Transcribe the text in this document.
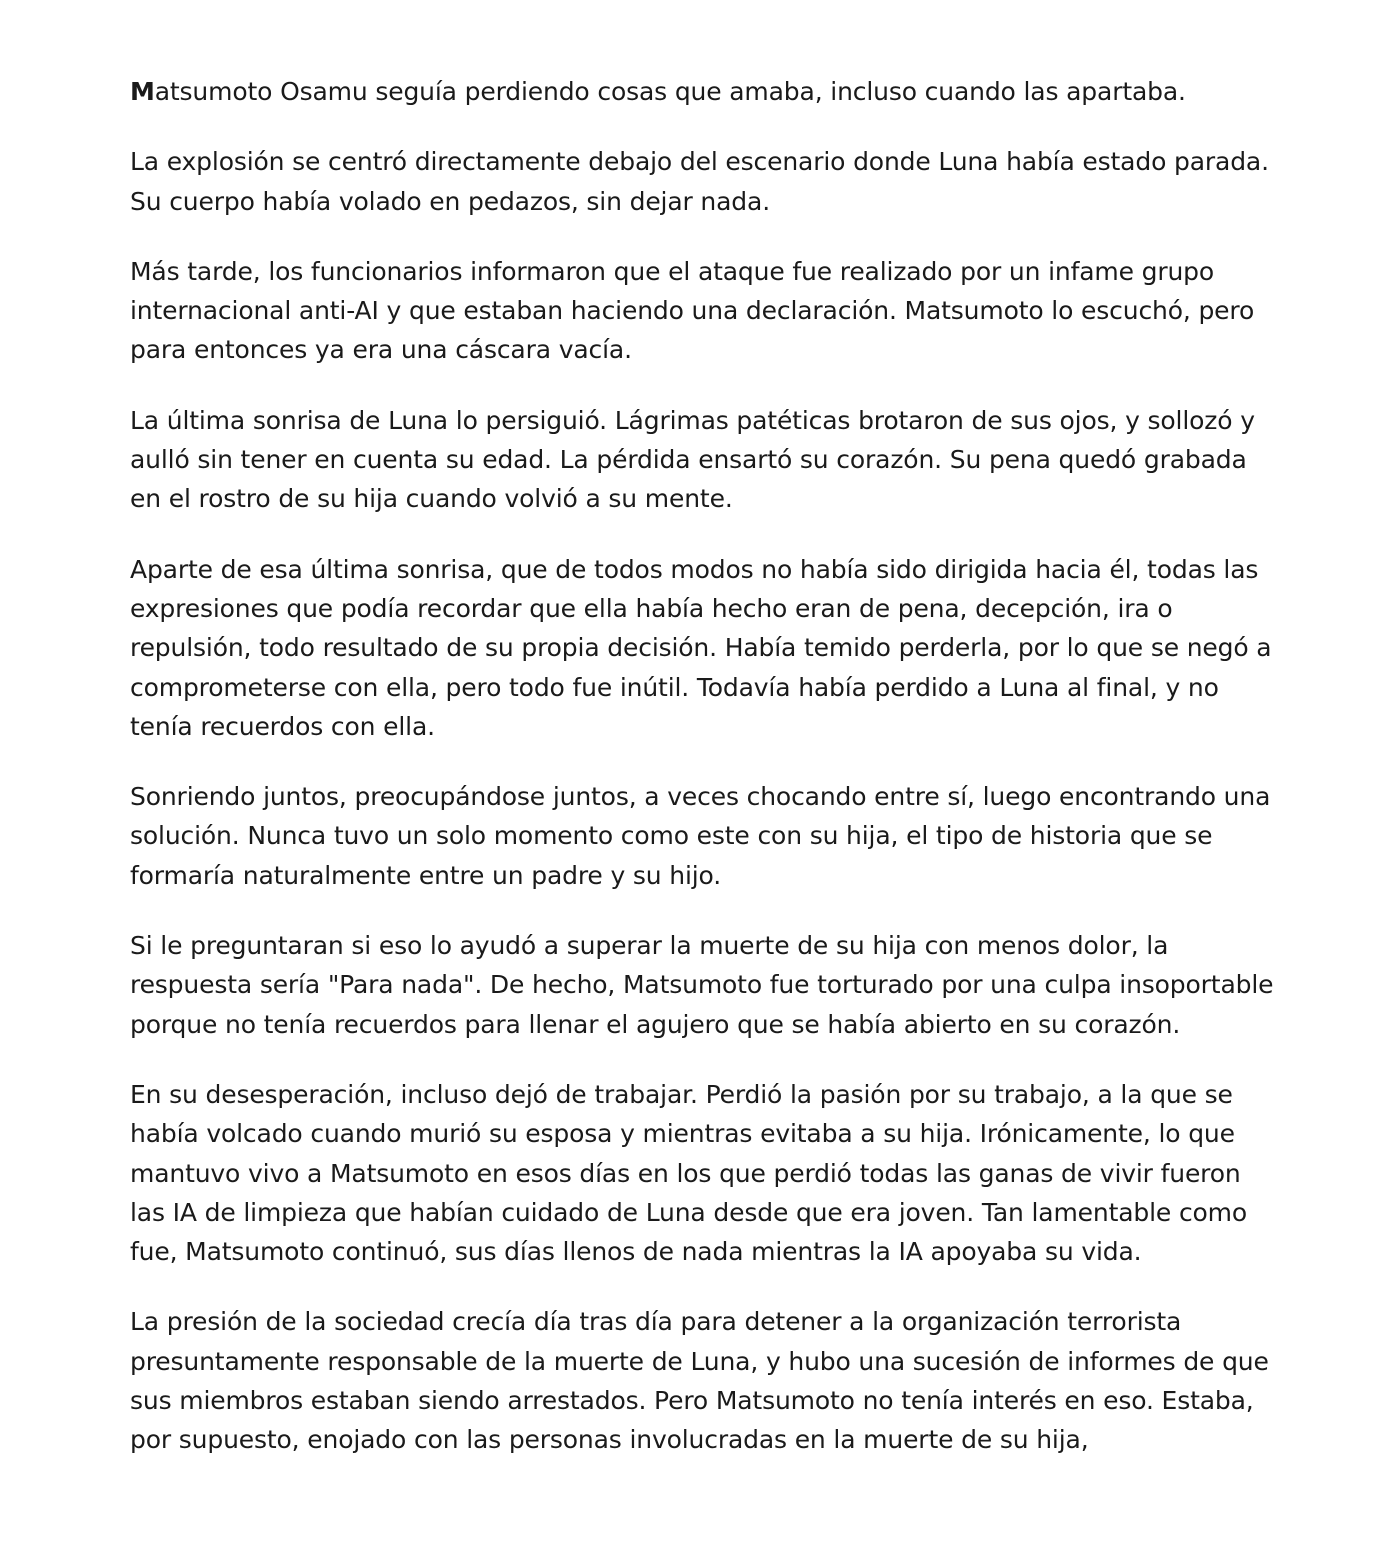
Matsumoto Osamu seguía perdiendo cosas que amaba, incluso cuando las apartaba.

La explosión se centró directamente debajo del escenario donde Luna había estado parada. Su cuerpo había volado en pedazos, sin dejar nada.

Más tarde, los funcionarios informaron que el ataque fue realizado por un infame grupo internacional anti-AI y que estaban haciendo una declaración. Matsumoto lo escuchó, pero para entonces ya era una cáscara vacía.

La última sonrisa de Luna lo persiguió. Lágrimas patéticas brotaron de sus ojos, y sollozó y aulló sin tener en cuenta su edad. La pérdida ensartó su corazón. Su pena quedó grabada en el rostro de su hija cuando volvió a su mente.

Aparte de esa última sonrisa, que de todos modos no había sido dirigida hacia él, todas las expresiones que podía recordar que ella había hecho eran de pena, decepción, ira o repulsión, todo resultado de su propia decisión. Había temido perderla, por lo que se negó a comprometerse con ella, pero todo fue inútil. Todavía había perdido a Luna al final, y no tenía recuerdos con ella.

Sonriendo juntos, preocupándose juntos, a veces chocando entre sí, luego encontrando una solución. Nunca tuvo un solo momento como este con su hija, el tipo de historia que se formaría naturalmente entre un padre y su hijo.

Si le preguntaran si eso lo ayudó a superar la muerte de su hija con menos dolor, la respuesta sería "Para nada". De hecho, Matsumoto fue torturado por una culpa insoportable porque no tenía recuerdos para llenar el agujero que se había abierto en su corazón.

En su desesperación, incluso dejó de trabajar. Perdió la pasión por su trabajo, a la que se había volcado cuando murió su esposa y mientras evitaba a su hija. Irónicamente, lo que mantuvo vivo a Matsumoto en esos días en los que perdió todas las ganas de vivir fueron las IA de limpieza que habían cuidado de Luna desde que era joven. Tan lamentable como fue, Matsumoto continuó, sus días llenos de nada mientras la IA apoyaba su vida.

La presión de la sociedad crecía día tras día para detener a la organización terrorista presuntamente responsable de la muerte de Luna, y hubo una sucesión de informes de que sus miembros estaban siendo arrestados. Pero Matsumoto no tenía interés en eso. Estaba, por supuesto, enojado con las personas involucradas en la muerte de su hija,
